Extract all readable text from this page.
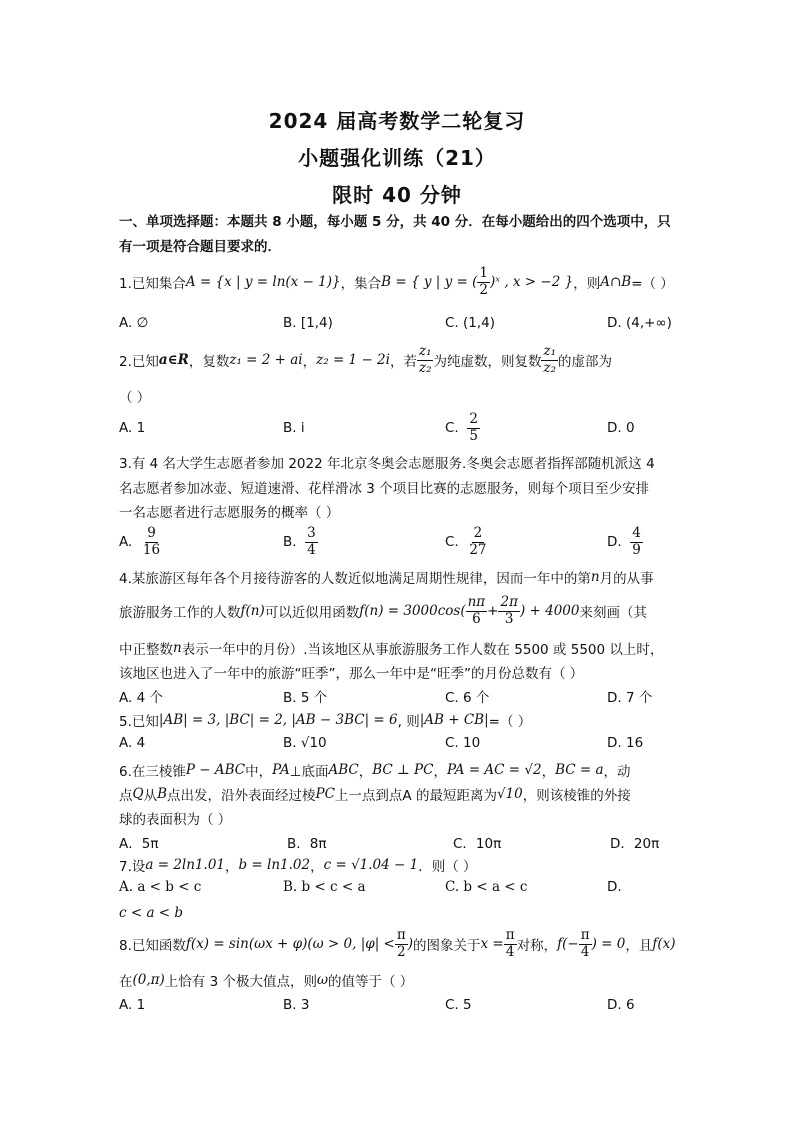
2024 届高考数学二轮复习
小题强化训练（21）
限时 40 分钟
一、单项选择题：本题共 8 小题，每小题 5 分，共 40 分．在每小题给出的四个选项中，只
有一项是符合题目要求的．
1.已知集合 A = {x | y = ln(x − 1)} ，集合 B = { y | y = ( $\frac{1}{2}$ )ˣ , x > −2 } ，则 A∩B =（ ）
A. ∅	B. [1,4)	C. (1,4)	D. (4,+∞)
2.已知 a∈R ，复数 z₁ = 2 + ai ， z₂ = 1 − 2i ，若 $\frac{\text{z₁}}{\text{z₂}}$ 为纯虚数，则复数 $\frac{\text{z₁}}{\text{z₂}}$ 的虚部为
（ ）
A. 1	B. i	C.
$\frac{2}{5}$	D. 0
3.有 4 名大学生志愿者参加 2022 年北京冬奥会志愿服务.冬奥会志愿者指挥部随机派这 4
名志愿者参加冰壶、短道速滑、花样滑冰 3 个项目比赛的志愿服务，则每个项目至少安排
一名志愿者进行志愿服务的概率（ ）
A.
$\frac{9}{16}$	B.
$\frac{3}{4}$	C.
$\frac{2}{27}$	D.
$\frac{4}{9}$
4.某旅游区每年各个月接待游客的人数近似地满足周期性规律，因而一年中的第 n 月的从事
旅游服务工作的人数 f(n) 可以近似用函数 $f(n) = 3000\cos( \frac{n\pi}{6} + \frac{2\pi}{3}$ ) + 4000 来刻画（其
中正整数 n 表示一年中的月份）.当该地区从事旅游服务工作人数在 5500 或 5500 以上时，
该地区也进入了一年中的旅游“旺季”，那么一年中是“旺季”的月份总数有（ ）
A. 4 个	B. 5 个	C. 6 个	D. 7 个
5.已知 |AB| = 3, |BC| = 2, |AB − 3BC| = 6 , 则 |AB + CB| =（ ）
A. 4	B. √10	C. 10	D. 16
6.在三棱锥 P − ABC 中， PA ⊥底面 ABC ， BC ⊥ PC ， PA = AC = √2 ， BC = a ，动
点 Q 从 B 点出发，沿外表面经过棱 PC 上一点到点A 的最短距离为 √10 ，则该棱锥的外接
球的表面积为（ ）
A．5π	B．8π	C．10π	D．20π
7.设 a = 2ln1.01 ， b = ln1.02 ， c = √1.04 − 1 ．则（ ）
A. a < b < c	B. b < c < a	C. b < a < c	D.
c < a < b
8.已知函数 f(x) = sin(ωx + φ)(ω > 0, $|\varphi| < \frac{\pi}{2}$ ) 的图象关于 $x = \frac{\pi}{4}$ 对称， $f(- \frac{\pi}{4}$ ) = 0 ，且 f(x)
在 (0,π) 上恰有 3 个极大值点，则 ω 的值等于（ ）
A. 1	B. 3	C. 5	D. 6
